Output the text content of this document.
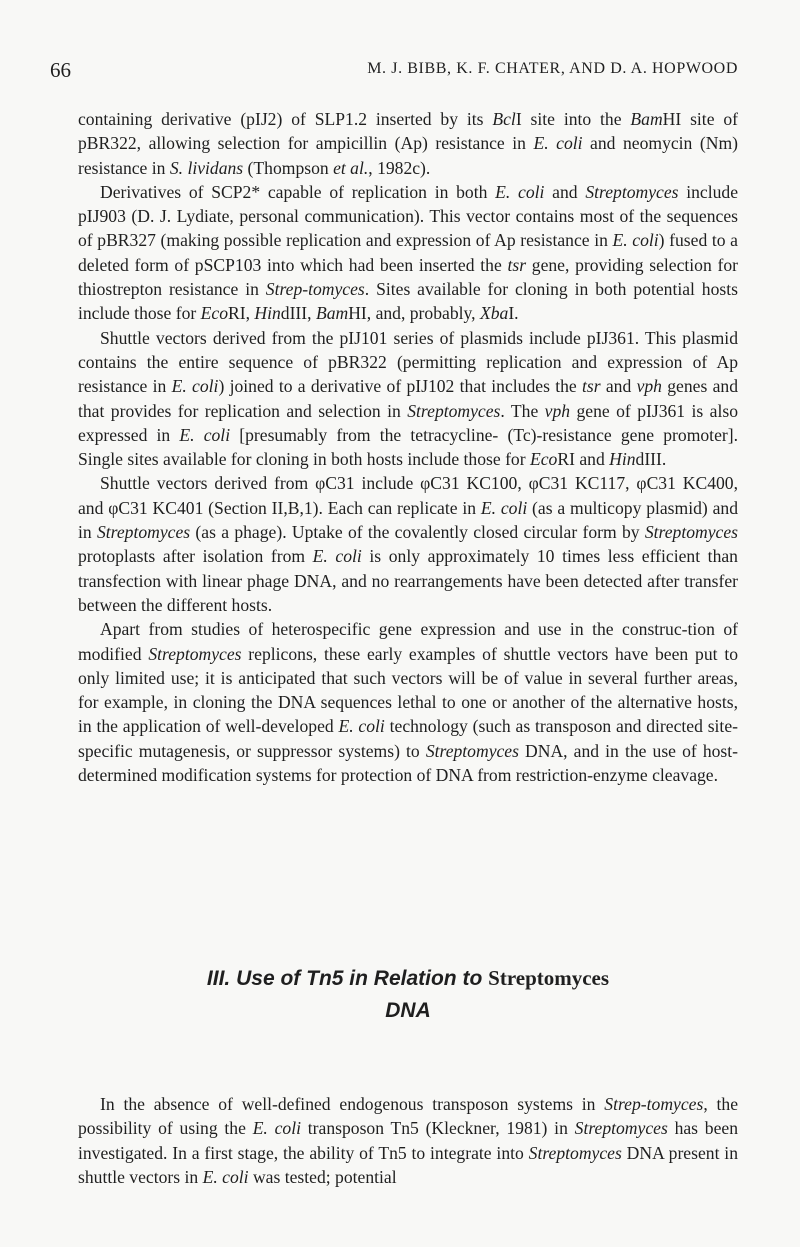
66	M. J. BIBB, K. F. CHATER, AND D. A. HOPWOOD

containing derivative (pIJ2) of SLP1.2 inserted by its BclI site into the BamHI site of pBR322, allowing selection for ampicillin (Ap) resistance in E. coli and neomycin (Nm) resistance in S. lividans (Thompson et al., 1982c).

Derivatives of SCP2* capable of replication in both E. coli and Streptomyces include pIJ903 (D. J. Lydiate, personal communication). This vector contains most of the sequences of pBR327 (making possible replication and expression of Ap resistance in E. coli) fused to a deleted form of pSCP103 into which had been inserted the tsr gene, providing selection for thiostrepton resistance in Strep-tomyces. Sites available for cloning in both potential hosts include those for EcoRI, HindIII, BamHI, and, probably, XbaI.

Shuttle vectors derived from the pIJ101 series of plasmids include pIJ361. This plasmid contains the entire sequence of pBR322 (permitting replication and expression of Ap resistance in E. coli) joined to a derivative of pIJ102 that includes the tsr and vph genes and that provides for replication and selection in Streptomyces. The vph gene of pIJ361 is also expressed in E. coli [presumably from the tetracycline- (Tc)-resistance gene promoter]. Single sites available for cloning in both hosts include those for EcoRI and HindIII.

Shuttle vectors derived from φC31 include φC31 KC100, φC31 KC117, φC31 KC400, and φC31 KC401 (Section II,B,1). Each can replicate in E. coli (as a multicopy plasmid) and in Streptomyces (as a phage). Uptake of the covalently closed circular form by Streptomyces protoplasts after isolation from E. coli is only approximately 10 times less efficient than transfection with linear phage DNA, and no rearrangements have been detected after transfer between the different hosts.

Apart from studies of heterospecific gene expression and use in the construc-tion of modified Streptomyces replicons, these early examples of shuttle vectors have been put to only limited use; it is anticipated that such vectors will be of value in several further areas, for example, in cloning the DNA sequences lethal to one or another of the alternative hosts, in the application of well-developed E. coli technology (such as transposon and directed site-specific mutagenesis, or suppressor systems) to Streptomyces DNA, and in the use of host-determined modification systems for protection of DNA from restriction-enzyme cleavage.

III. Use of Tn5 in Relation to Streptomyces
DNA

In the absence of well-defined endogenous transposon systems in Strep-tomyces, the possibility of using the E. coli transposon Tn5 (Kleckner, 1981) in Streptomyces has been investigated. In a first stage, the ability of Tn5 to integrate into Streptomyces DNA present in shuttle vectors in E. coli was tested; potential
